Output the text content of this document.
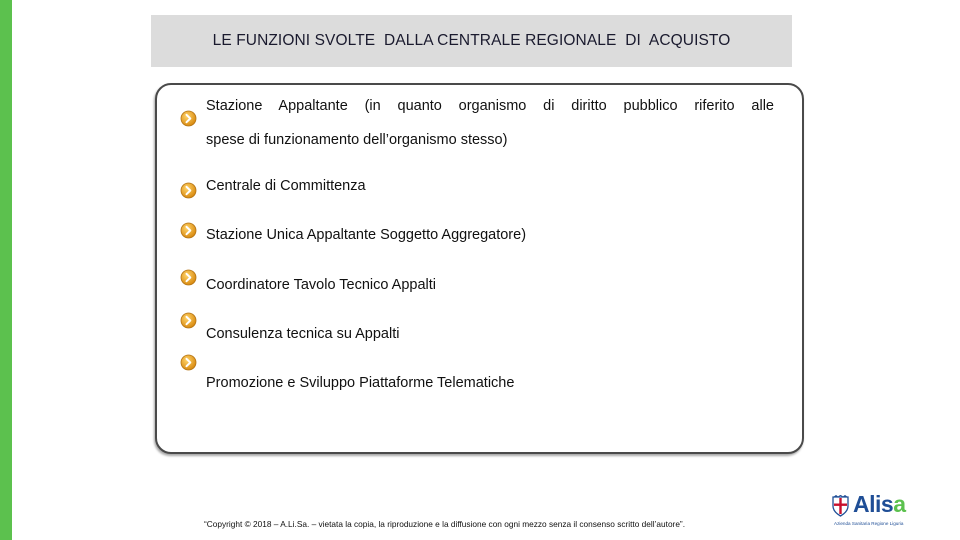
LE FUNZIONI SVOLTE  DALLA CENTRALE REGIONALE  DI  ACQUISTO
Stazione Appaltante (in quanto organismo di diritto pubblico riferito alle
spese di funzionamento dell’organismo stesso)
Centrale di Committenza
Stazione Unica Appaltante Soggetto Aggregatore)
Coordinatore Tavolo Tecnico Appalti
Consulenza tecnica su Appalti
Promozione e Sviluppo Piattaforme Telematiche
“Copyright © 2018 – A.Li.Sa. – vietata la copia, la riproduzione e la diffusione con ogni mezzo senza il consenso scritto dell’autore”.
Alisa
Azienda Sanitaria Regione Liguria
